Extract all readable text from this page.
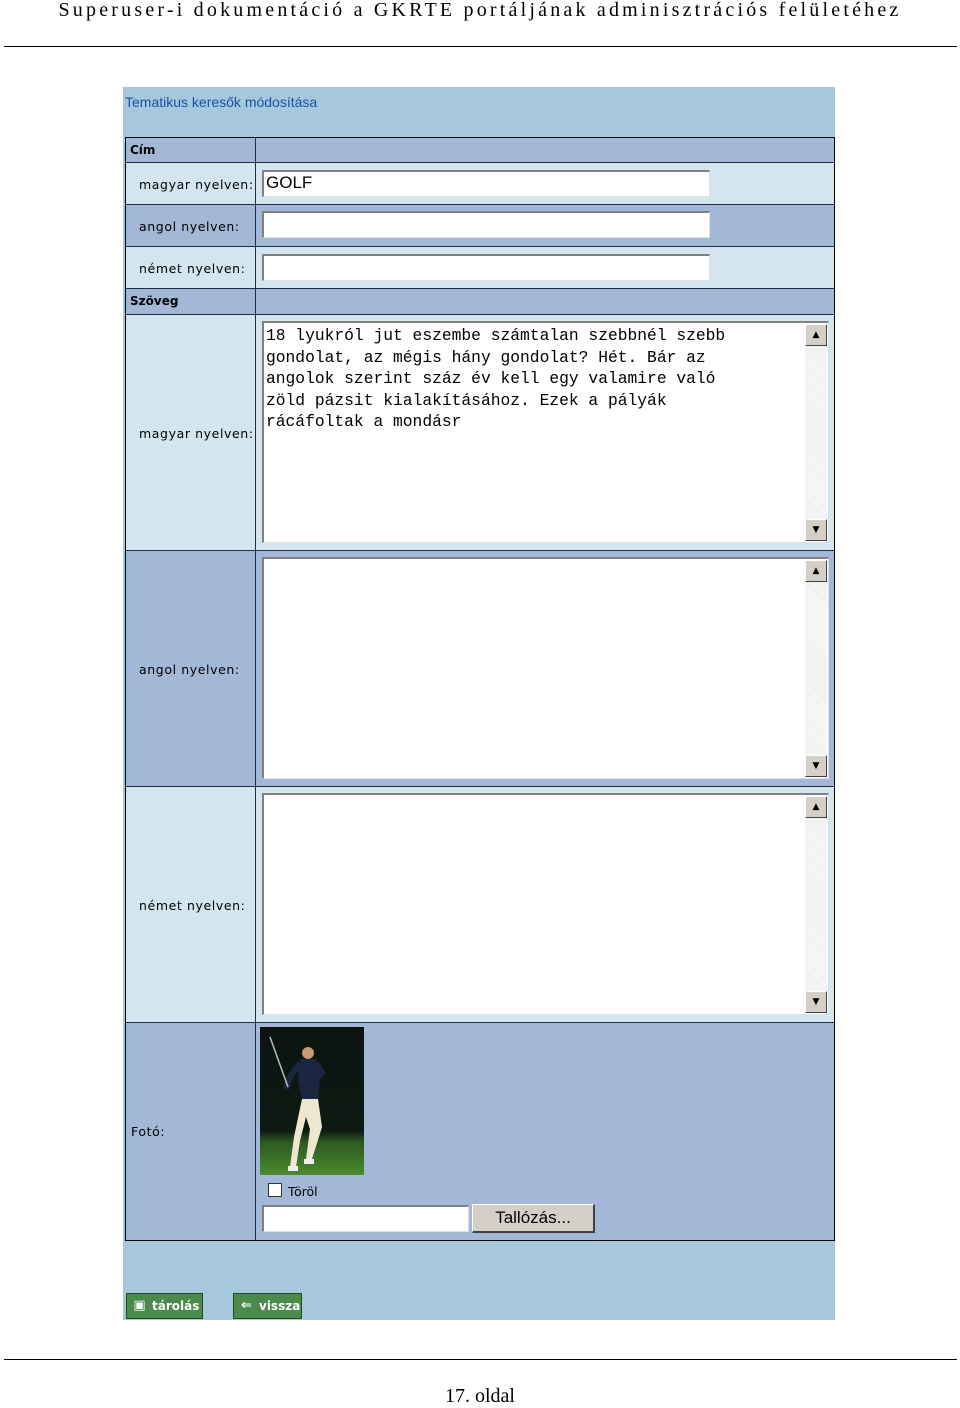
Superuser-i dokumentáció a GKRTE portáljának adminisztrációs felületéhez
Tematikus keresők módosítása
Cím
magyar nyelven: GOLF
angol nyelven:
német nyelven:
Szöveg
magyar nyelven:
18 lyukról jut eszembe számtalan szebbnél szebb
gondolat, az mégis hány gondolat? Hét. Bár az
angolok szerint száz év kell egy valamire való
zöld pázsit kialakításához. Ezek a pályák
rácáfoltak a mondásr
▲
▼
angol nyelven:
▲
▼
német nyelven:
▲
▼
Fotó:
Töröl
Tallózás...
▣ tárolás	⇐ vissza
17. oldal
